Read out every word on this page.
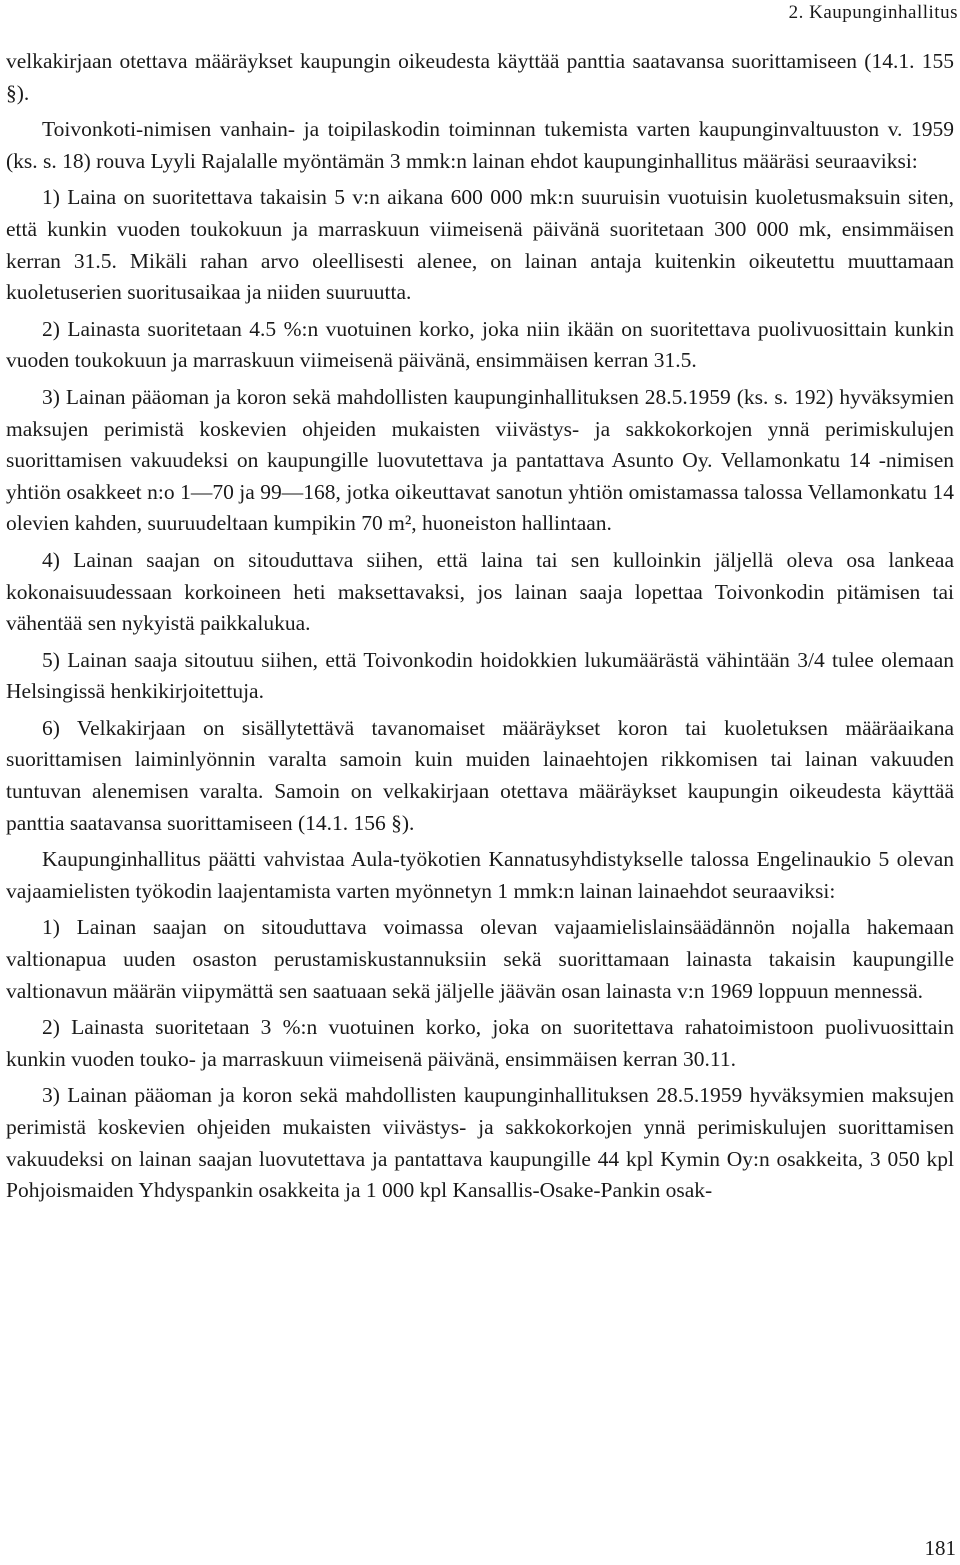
2. Kaupunginhallitus

velkakirjaan otettava määräykset kaupungin oikeudesta käyttää panttia saatavansa suorittamiseen (14.1. 155 §).

Toivonkoti-nimisen vanhain- ja toipilaskodin toiminnan tukemista varten kaupunginvaltuuston v. 1959 (ks. s. 18) rouva Lyyli Rajalalle myöntämän 3 mmk:n lainan ehdot kaupunginhallitus määräsi seuraaviksi:

1) Laina on suoritettava takaisin 5 v:n aikana 600 000 mk:n suuruisin vuotuisin kuoletusmaksuin siten, että kunkin vuoden toukokuun ja marraskuun viimeisenä päivänä suoritetaan 300 000 mk, ensimmäisen kerran 31.5. Mikäli rahan arvo oleellisesti alenee, on lainan antaja kuitenkin oikeutettu muuttamaan kuoletuserien suoritusaikaa ja niiden suuruutta.

2) Lainasta suoritetaan 4.5 %:n vuotuinen korko, joka niin ikään on suoritettava puolivuosittain kunkin vuoden toukokuun ja marraskuun viimeisenä päivänä, ensimmäisen kerran 31.5.

3) Lainan pääoman ja koron sekä mahdollisten kaupunginhallituksen 28.5.1959 (ks. s. 192) hyväksymien maksujen perimistä koskevien ohjeiden mukaisten viivästys- ja sakkokorkojen ynnä perimiskulujen suorittamisen vakuudeksi on kaupungille luovutettava ja pantattava Asunto Oy. Vellamonkatu 14 -nimisen yhtiön osakkeet n:o 1—70 ja 99—168, jotka oikeuttavat sanotun yhtiön omistamassa talossa Vellamonkatu 14 olevien kahden, suuruudeltaan kumpikin 70 m², huoneiston hallintaan.

4) Lainan saajan on sitouduttava siihen, että laina tai sen kulloinkin jäljellä oleva osa lankeaa kokonaisuudessaan korkoineen heti maksettavaksi, jos lainan saaja lopettaa Toivonkodin pitämisen tai vähentää sen nykyistä paikkalukua.

5) Lainan saaja sitoutuu siihen, että Toivonkodin hoidokkien lukumäärästä vähintään 3/4 tulee olemaan Helsingissä henkikirjoitettuja.

6) Velkakirjaan on sisällytettävä tavanomaiset määräykset koron tai kuoletuksen määräaikana suorittamisen laiminlyönnin varalta samoin kuin muiden lainaehtojen rikkomisen tai lainan vakuuden tuntuvan alenemisen varalta. Samoin on velkakirjaan otettava määräykset kaupungin oikeudesta käyttää panttia saatavansa suorittamiseen (14.1. 156 §).

Kaupunginhallitus päätti vahvistaa Aula-työkotien Kannatusyhdistykselle talossa Engelinaukio 5 olevan vajaamielisten työkodin laajentamista varten myönnetyn 1 mmk:n lainan lainaehdot seuraaviksi:

1) Lainan saajan on sitouduttava voimassa olevan vajaamielislainsäädännön nojalla hakemaan valtionapua uuden osaston perustamiskustannuksiin sekä suorittamaan lainasta takaisin kaupungille valtionavun määrän viipymättä sen saatuaan sekä jäljelle jäävän osan lainasta v:n 1969 loppuun mennessä.

2) Lainasta suoritetaan 3 %:n vuotuinen korko, joka on suoritettava rahatoimistoon puolivuosittain kunkin vuoden touko- ja marraskuun viimeisenä päivänä, ensimmäisen kerran 30.11.

3) Lainan pääoman ja koron sekä mahdollisten kaupunginhallituksen 28.5.1959 hyväksymien maksujen perimistä koskevien ohjeiden mukaisten viivästys- ja sakkokorkojen ynnä perimiskulujen suorittamisen vakuudeksi on lainan saajan luovutettava ja pantattava kaupungille 44 kpl Kymin Oy:n osakkeita, 3 050 kpl Pohjoismaiden Yhdyspankin osakkeita ja 1 000 kpl Kansallis-Osake-Pankin osak-

181
